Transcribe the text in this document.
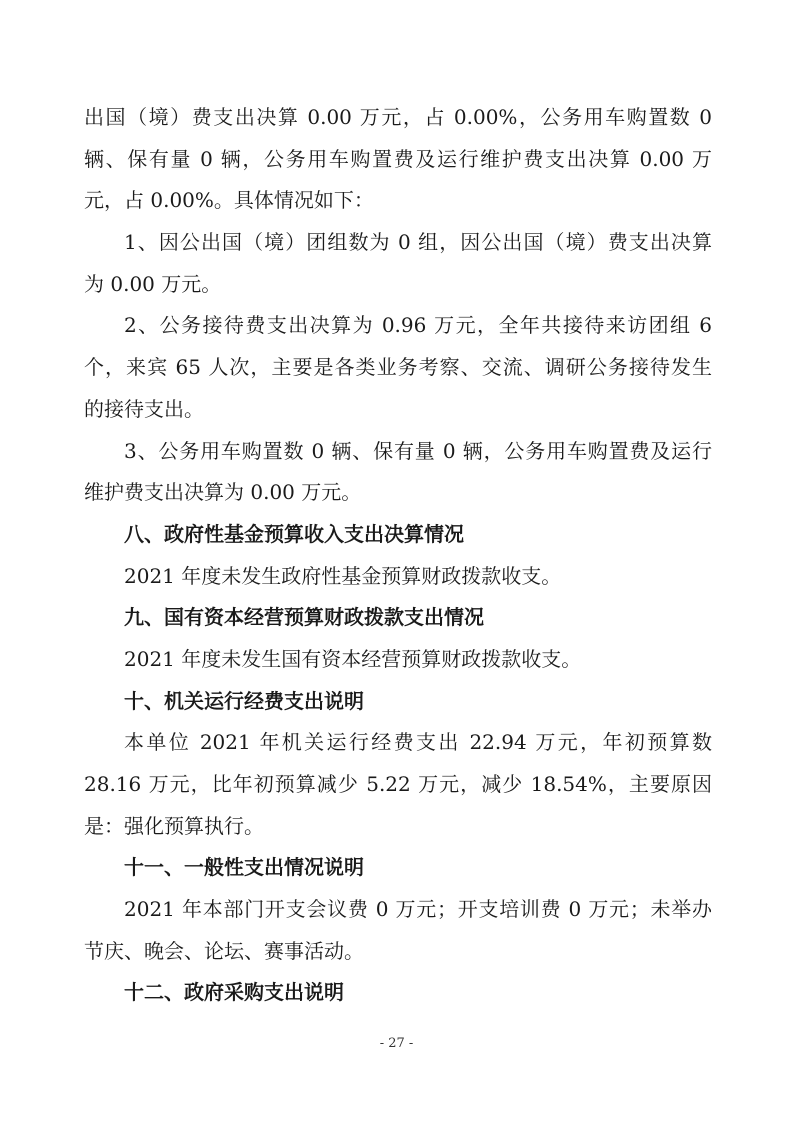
出国（境）费支出决算 0.00 万元，占 0.00%，公务用车购置数 0
辆、保有量 0 辆，公务用车购置费及运行维护费支出决算 0.00 万
元，占 0.00%。具体情况如下：
1、因公出国（境）团组数为 0 组，因公出国（境）费支出决算
为 0.00 万元。
2、公务接待费支出决算为 0.96 万元，全年共接待来访团组 6
个，来宾 65 人次，主要是各类业务考察、交流、调研公务接待发生
的接待支出。
3、公务用车购置数 0 辆、保有量 0 辆，公务用车购置费及运行
维护费支出决算为 0.00 万元。
八、政府性基金预算收入支出决算情况
2021 年度未发生政府性基金预算财政拨款收支。
九、国有资本经营预算财政拨款支出情况
2021 年度未发生国有资本经营预算财政拨款收支。
十、机关运行经费支出说明
本单位 2021 年机关运行经费支出 22.94 万元，年初预算数
28.16 万元，比年初预算减少 5.22 万元，减少 18.54%，主要原因
是：强化预算执行。
十一、一般性支出情况说明
2021 年本部门开支会议费 0 万元；开支培训费 0 万元；未举办
节庆、晚会、论坛、赛事活动。
十二、政府采购支出说明
- 27 -
